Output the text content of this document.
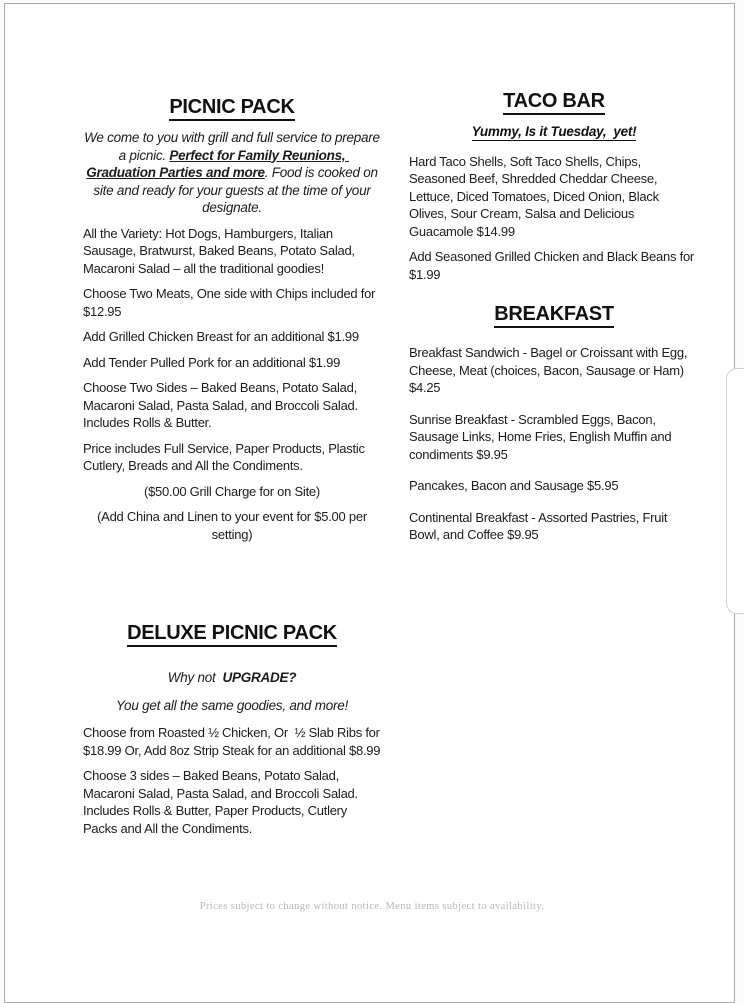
PICNIC PACK

We come to you with grill and full service to prepare a picnic. Perfect for Family Reunions, Graduation Parties and more. Food is cooked on site and ready for your guests at the time of your designate.

All the Variety: Hot Dogs, Hamburgers, Italian Sausage, Bratwurst, Baked Beans, Potato Salad, Macaroni Salad – all the traditional goodies!

Choose Two Meats, One side with Chips included for  $12.95

Add Grilled Chicken Breast for an additional $1.99

Add Tender Pulled Pork for an additional $1.99

Choose Two Sides – Baked Beans, Potato Salad, Macaroni Salad, Pasta Salad, and Broccoli Salad. Includes Rolls & Butter.

Price includes Full Service, Paper Products, Plastic Cutlery, Breads and All the Condiments.

($50.00 Grill Charge for on Site)

(Add China and Linen to your event for $5.00 per setting)

DELUXE PICNIC PACK

Why not  UPGRADE?

You get all the same goodies, and more!

Choose from Roasted ½ Chicken, Or  ½ Slab Ribs for $18.99 Or, Add 8oz Strip Steak for an additional $8.99

Choose 3 sides – Baked Beans, Potato Salad, Macaroni Salad, Pasta Salad, and Broccoli Salad. Includes Rolls & Butter, Paper Products, Cutlery Packs and All the Condiments.

TACO BAR

Yummy, Is it Tuesday,  yet!

Hard Taco Shells, Soft Taco Shells, Chips, Seasoned Beef, Shredded Cheddar Cheese, Lettuce, Diced Tomatoes, Diced Onion, Black Olives, Sour Cream, Salsa and Delicious Guacamole $14.99

Add Seasoned Grilled Chicken and Black Beans for $1.99

BREAKFAST

Breakfast Sandwich - Bagel or Croissant with Egg, Cheese, Meat (choices, Bacon, Sausage or Ham) $4.25

Sunrise Breakfast - Scrambled Eggs, Bacon, Sausage Links, Home Fries, English Muffin and condiments $9.95

Pancakes, Bacon and Sausage $5.95

Continental Breakfast - Assorted Pastries, Fruit Bowl, and Coffee $9.95

Prices subject to change without notice. Menu items subject to availability.
